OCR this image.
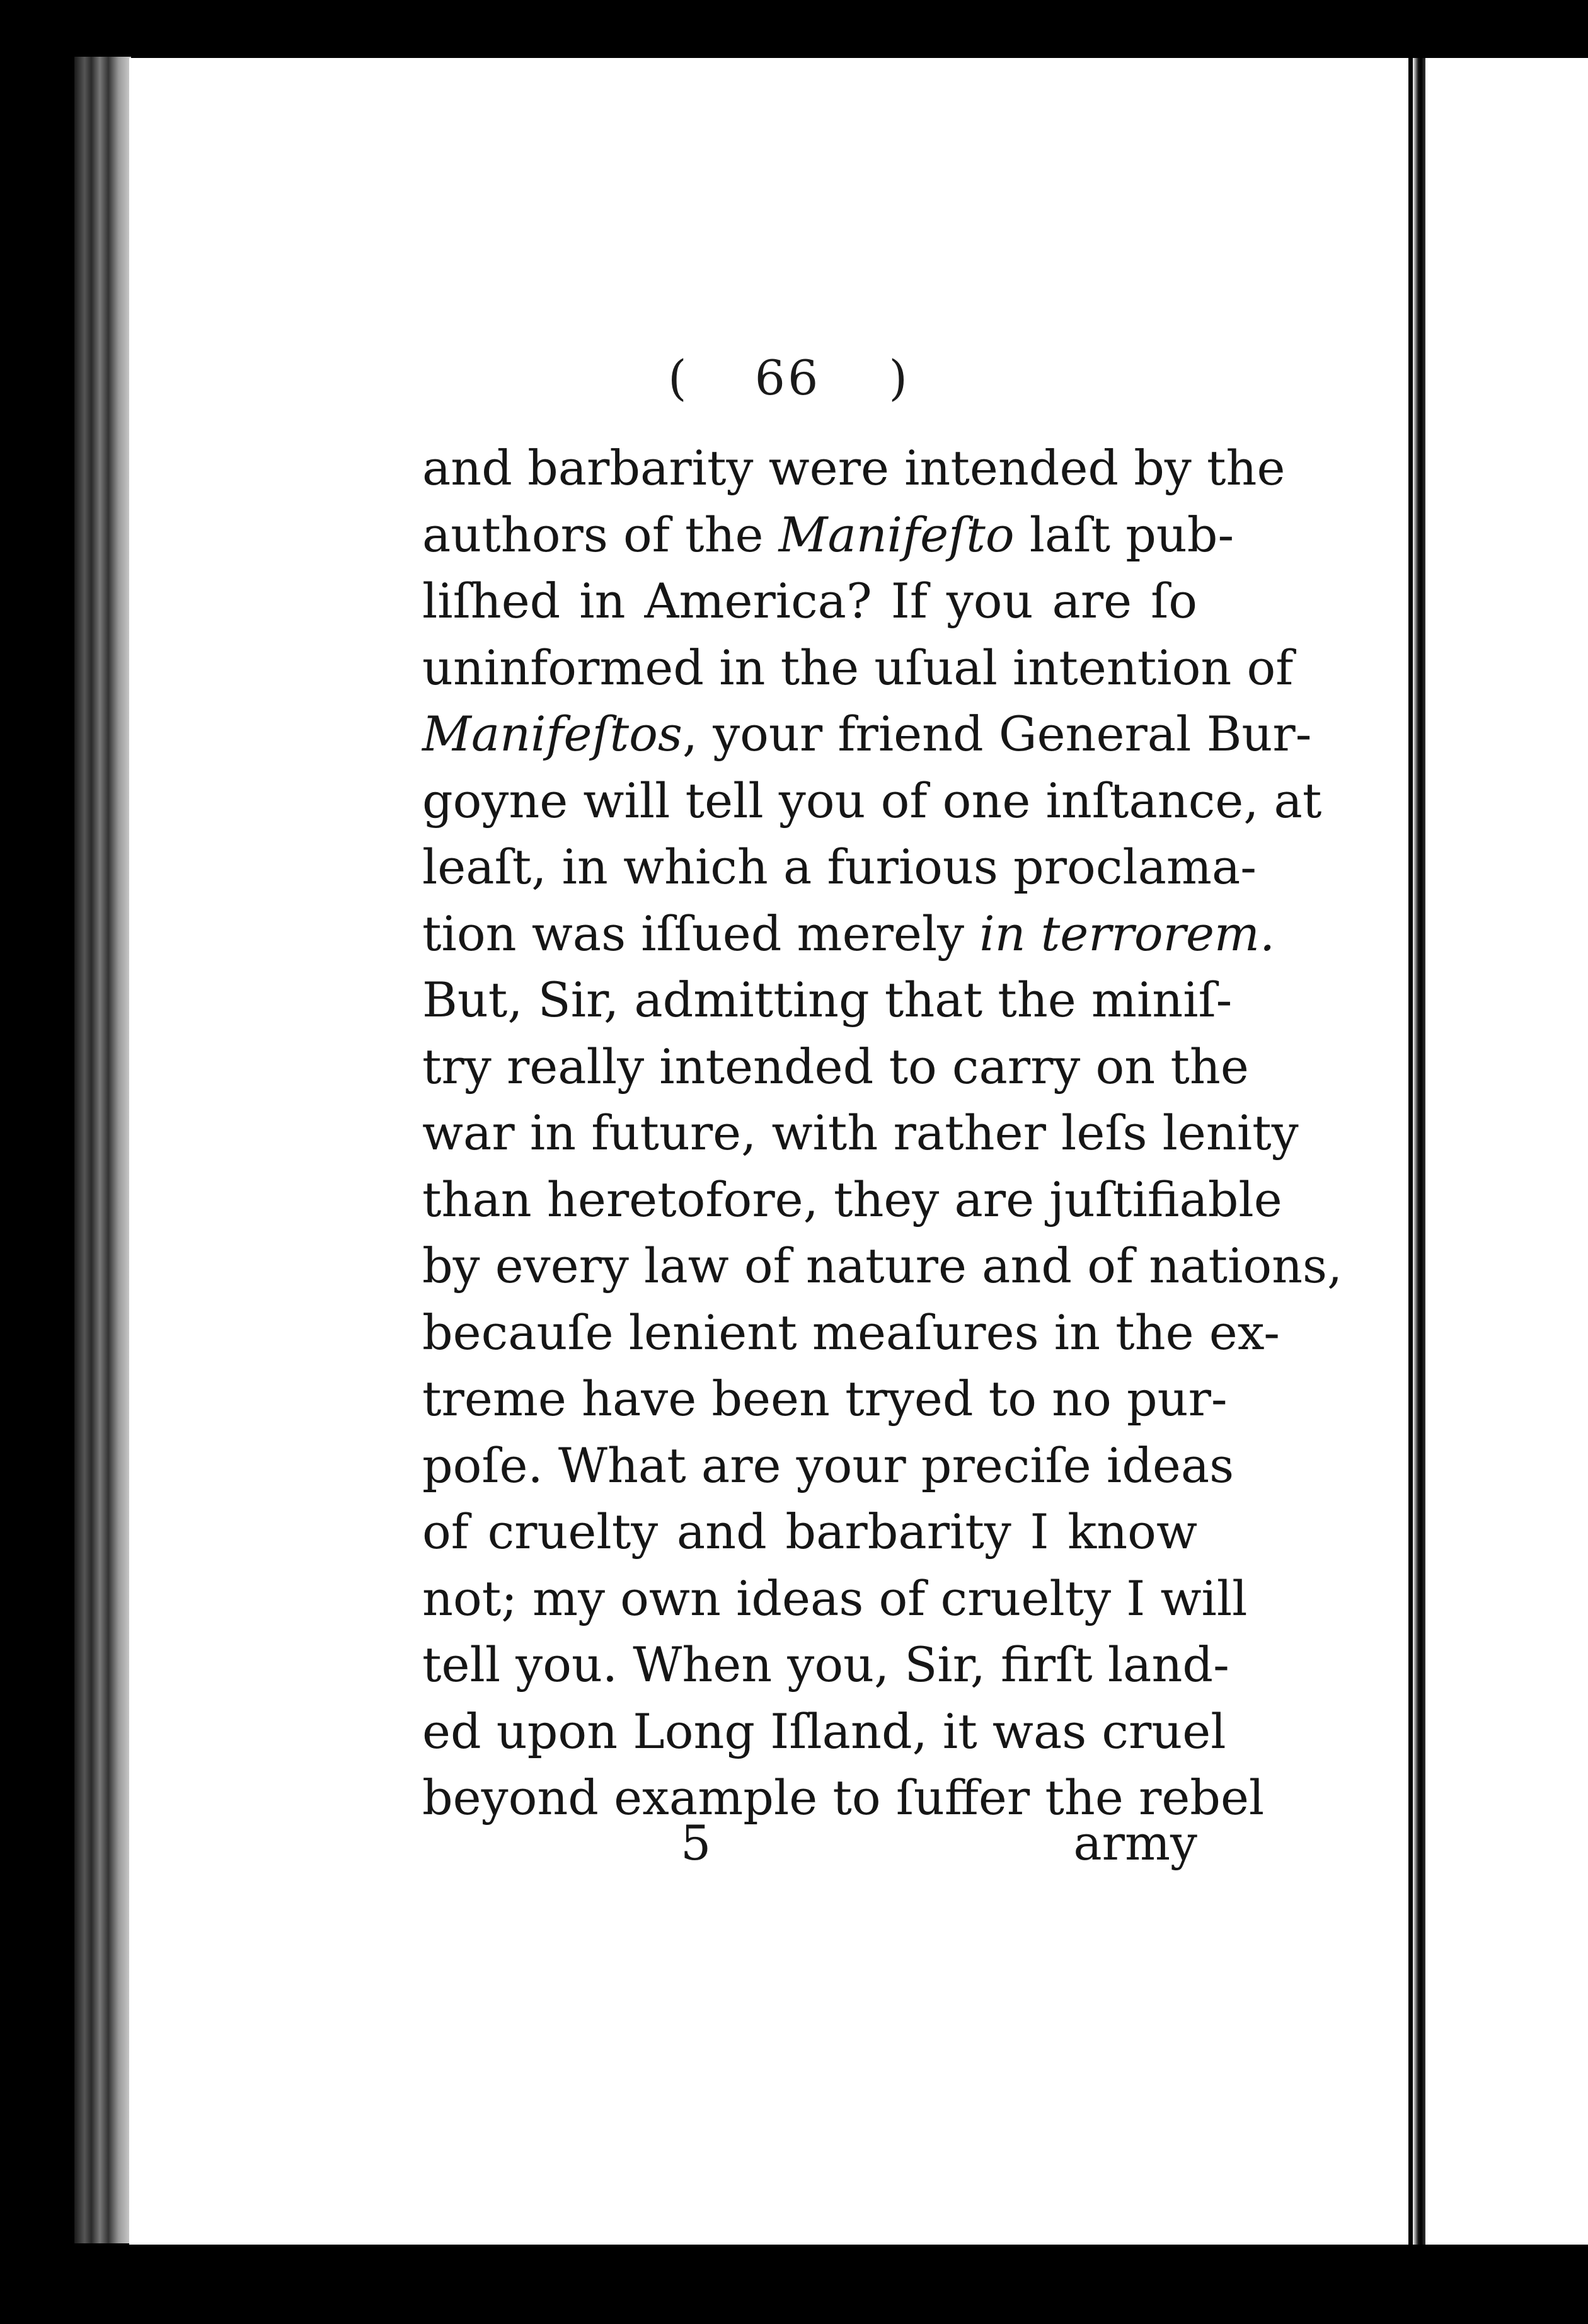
( 66 )
and barbarity were intended by the
authors of the Manifeſto laſt pub-
liſhed in America? If you are ſo
uninformed in the uſual intention of
Manifeſtos, your friend General Bur-
goyne will tell you of one inſtance, at
leaſt, in which a furious proclama-
tion was iſſued merely in terrorem.
But, Sir, admitting that the miniſ-
try really intended to carry on the
war in future, with rather leſs lenity
than heretofore, they are juſtifiable
by every law of nature and of nations,
becauſe lenient meaſures in the ex-
treme have been tryed to no pur-
poſe. What are your preciſe ideas
of cruelty and barbarity I know
not; my own ideas of cruelty I will
tell you. When you, Sir, firſt land-
ed upon Long Iſland, it was cruel
beyond example to ſuffer the rebel
5	army
